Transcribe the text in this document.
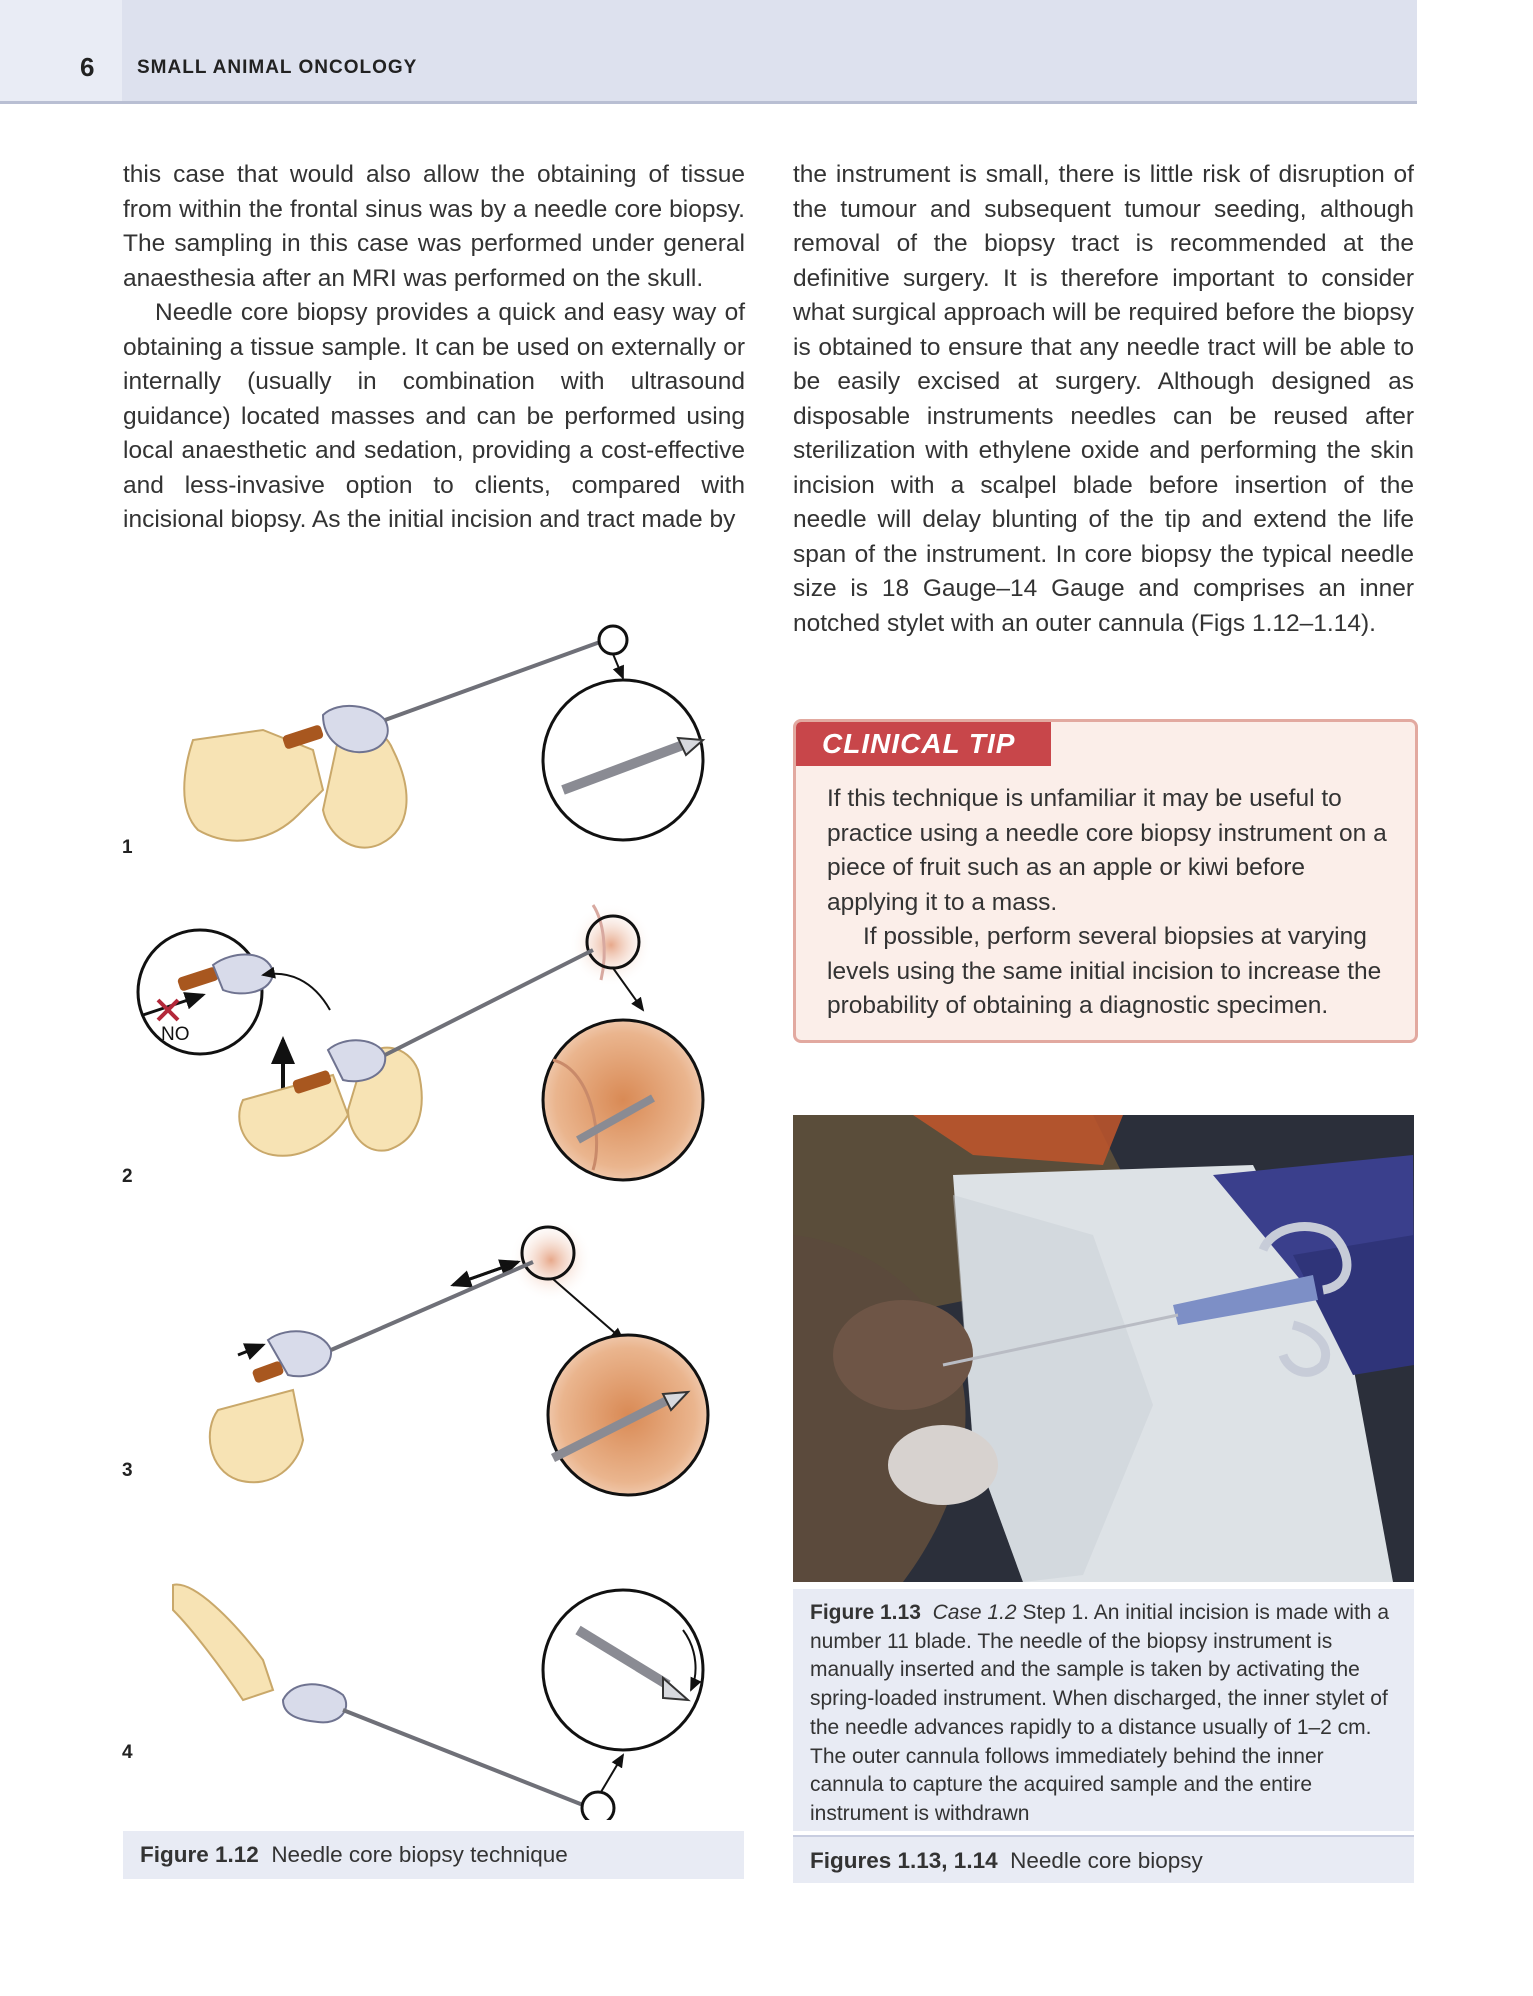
6 SMALL ANIMAL ONCOLOGY

this case that would also allow the obtaining of tissue from within the frontal sinus was by a needle core biopsy. The sampling in this case was performed under general anaesthesia after an MRI was performed on the skull.

Needle core biopsy provides a quick and easy way of obtaining a tissue sample. It can be used on externally or internally (usually in combination with ultrasound guidance) located masses and can be performed using local anaesthetic and sedation, providing a cost-effective and less-invasive option to clients, compared with incisional biopsy. As the initial incision and tract made by

the instrument is small, there is little risk of disruption of the tumour and subsequent tumour seeding, although removal of the biopsy tract is recommended at the definitive surgery. It is therefore important to consider what surgical approach will be required before the biopsy is obtained to ensure that any needle tract will be able to be easily excised at surgery. Although designed as disposable instruments needles can be reused after sterilization with ethylene oxide and performing the skin incision with a scalpel blade before insertion of the needle will delay blunting of the tip and extend the life span of the instrument. In core biopsy the typical needle size is 18 Gauge–14 Gauge and comprises an inner notched stylet with an outer cannula (Figs 1.12–1.14).

CLINICAL TIP

If this technique is unfamiliar it may be useful to practice using a needle core biopsy instrument on a piece of fruit such as an apple or kiwi before applying it to a mass.

If possible, perform several biopsies at varying levels using the same initial incision to increase the probability of obtaining a diagnostic specimen.

NO
1
2
3
4
Figure 1.12 Needle core biopsy technique
Figure 1.13 Case 1.2 Step 1. An initial incision is made with a number 11 blade. The needle of the biopsy instrument is manually inserted and the sample is taken by activating the spring-loaded instrument. When discharged, the inner stylet of the needle advances rapidly to a distance usually of 1–2 cm. The outer cannula follows immediately behind the inner cannula to capture the acquired sample and the entire instrument is withdrawn
Figures 1.13, 1.14 Needle core biopsy
